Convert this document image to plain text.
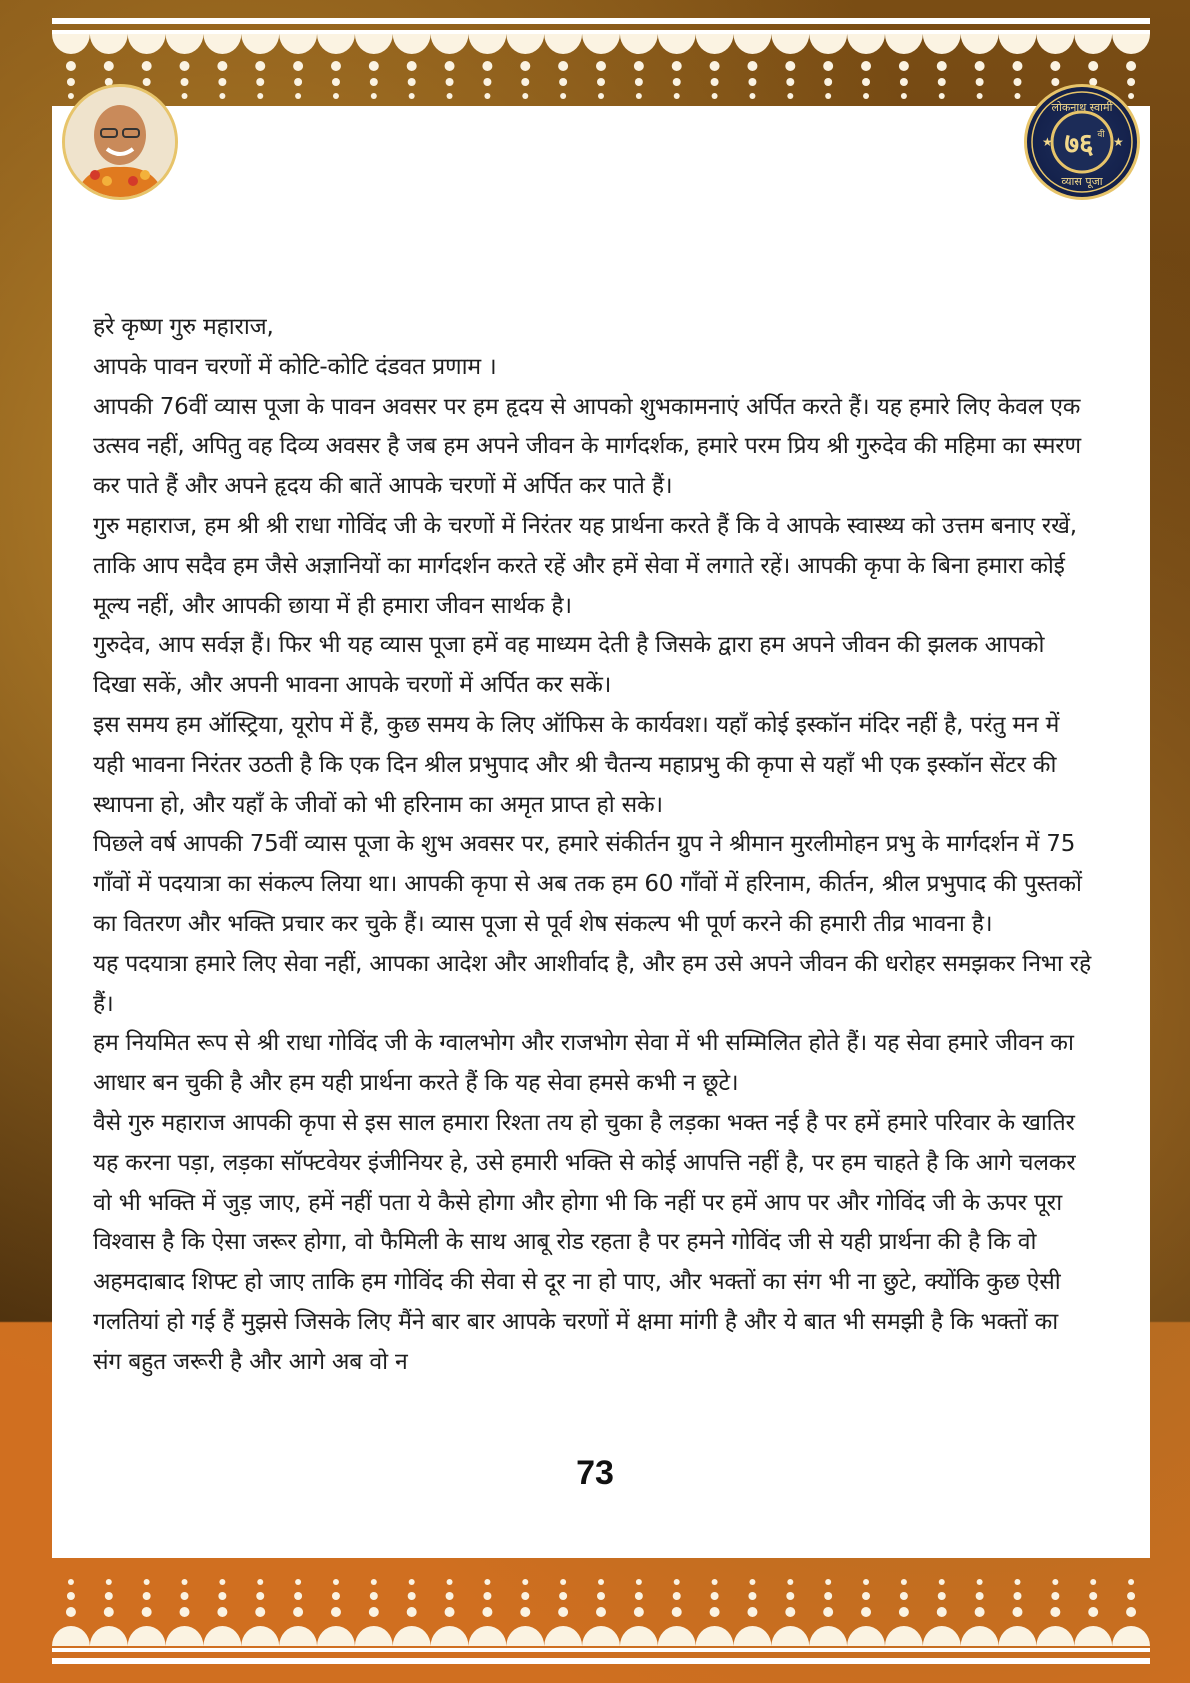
लोकनाथ स्वामी
७६ वी
व्यास पूजा
★	★

हरे कृष्ण गुरु महाराज,

आपके पावन चरणों में कोटि-कोटि दंडवत प्रणाम ।

आपकी 76वीं व्यास पूजा के पावन अवसर पर हम हृदय से आपको शुभकामनाएं अर्पित करते हैं। यह हमारे लिए केवल एक उत्सव नहीं, अपितु वह दिव्य अवसर है जब हम अपने जीवन के मार्गदर्शक, हमारे परम प्रिय श्री गुरुदेव की महिमा का स्मरण कर पाते हैं और अपने हृदय की बातें आपके चरणों में अर्पित कर पाते हैं।

गुरु महाराज, हम श्री श्री राधा गोविंद जी के चरणों में निरंतर यह प्रार्थना करते हैं कि वे आपके स्वास्थ्य को उत्तम बनाए रखें, ताकि आप सदैव हम जैसे अज्ञानियों का मार्गदर्शन करते रहें और हमें सेवा में लगाते रहें। आपकी कृपा के बिना हमारा कोई मूल्य नहीं, और आपकी छाया में ही हमारा जीवन सार्थक है।

गुरुदेव, आप सर्वज्ञ हैं। फिर भी यह व्यास पूजा हमें वह माध्यम देती है जिसके द्वारा हम अपने जीवन की झलक आपको दिखा सकें, और अपनी भावना आपके चरणों में अर्पित कर सकें।

इस समय हम ऑस्ट्रिया, यूरोप में हैं, कुछ समय के लिए ऑफिस के कार्यवश। यहाँ कोई इस्कॉन मंदिर नहीं है, परंतु मन में यही भावना निरंतर उठती है कि एक दिन श्रील प्रभुपाद और श्री चैतन्य महाप्रभु की कृपा से यहाँ भी एक इस्कॉन सेंटर की स्थापना हो, और यहाँ के जीवों को भी हरिनाम का अमृत प्राप्त हो सके।

पिछले वर्ष आपकी 75वीं व्यास पूजा के शुभ अवसर पर, हमारे संकीर्तन ग्रुप ने श्रीमान मुरलीमोहन प्रभु के मार्गदर्शन में 75 गाँवों में पदयात्रा का संकल्प लिया था। आपकी कृपा से अब तक हम 60 गाँवों में हरिनाम, कीर्तन, श्रील प्रभुपाद की पुस्तकों का वितरण और भक्ति प्रचार कर चुके हैं। व्यास पूजा से पूर्व शेष संकल्प भी पूर्ण करने की हमारी तीव्र भावना है।

यह पदयात्रा हमारे लिए सेवा नहीं, आपका आदेश और आशीर्वाद है, और हम उसे अपने जीवन की धरोहर समझकर निभा रहे हैं।

हम नियमित रूप से श्री राधा गोविंद जी के ग्वालभोग और राजभोग सेवा में भी सम्मिलित होते हैं। यह सेवा हमारे जीवन का आधार बन चुकी है और हम यही प्रार्थना करते हैं कि यह सेवा हमसे कभी न छूटे।

वैसे गुरु महाराज आपकी कृपा से इस साल हमारा रिश्ता तय हो चुका है लड़का भक्त नई है पर हमें हमारे परिवार के खातिर यह करना पड़ा, लड़का सॉफ्टवेयर इंजीनियर हे, उसे हमारी भक्ति से कोई आपत्ति नहीं है, पर हम चाहते है कि आगे चलकर वो भी भक्ति में जुड़ जाए, हमें नहीं पता ये कैसे होगा और होगा भी कि नहीं पर हमें आप पर और गोविंद जी के ऊपर पूरा विश्वास है कि ऐसा जरूर होगा, वो फैमिली के साथ आबू रोड रहता है पर हमने गोविंद जी से यही प्रार्थना की है कि वो अहमदाबाद शिफ्ट हो जाए ताकि हम गोविंद की सेवा से दूर ना हो पाए, और भक्तों का संग भी ना छुटे, क्योंकि कुछ ऐसी गलतियां हो गई हैं मुझसे जिसके लिए मैंने बार बार आपके चरणों में क्षमा मांगी है और ये बात भी समझी है कि भक्तों का संग बहुत जरूरी है और आगे अब वो न

73
